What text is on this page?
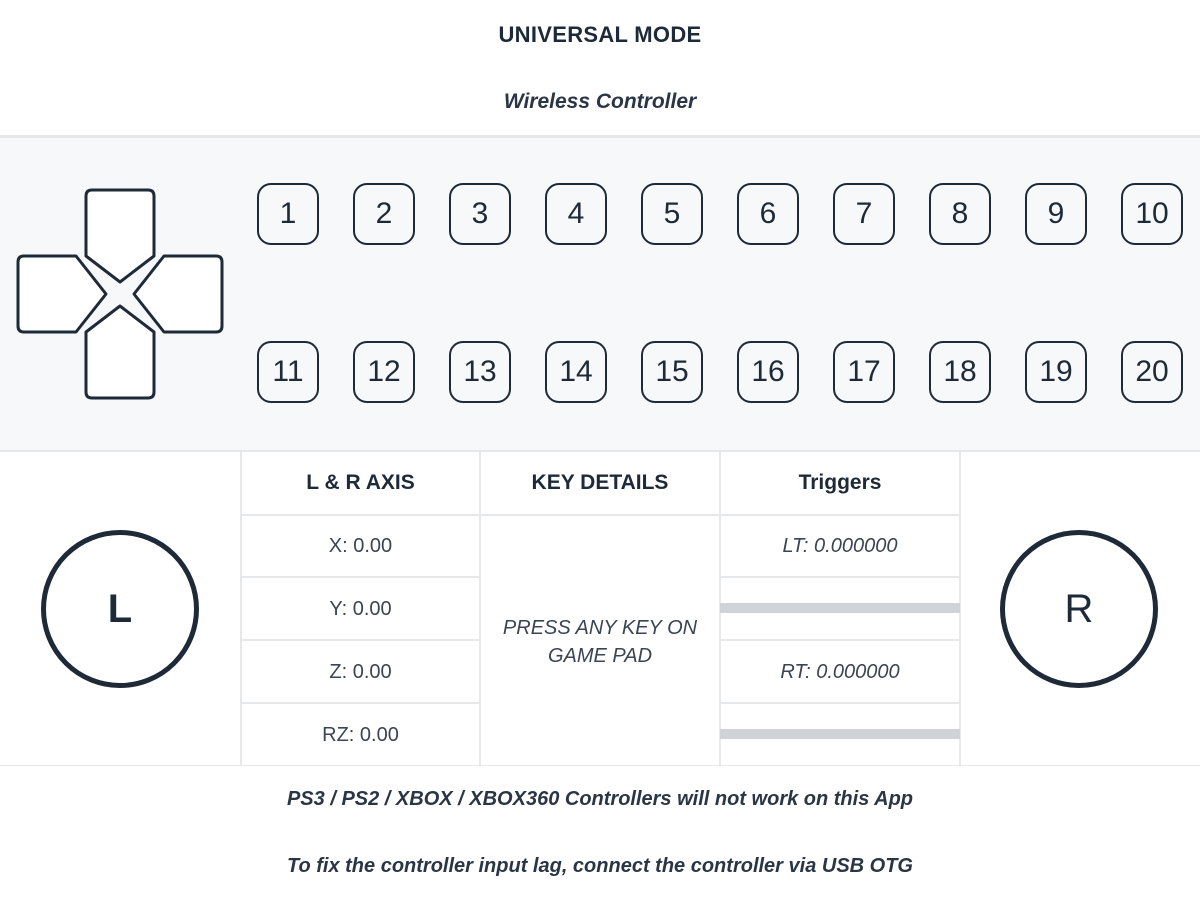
UNIVERSAL MODE
Wireless Controller
1	2	3	4	5	6	7	8	9	10
11	12	13	14	15	16	17	18	19	20
L	R
L & R AXIS
X: 0.00
Y: 0.00
Z: 0.00
RZ: 0.00
KEY DETAILS
PRESS ANY KEY ON GAME PAD
Triggers
LT: 0.000000
RT: 0.000000
PS3 / PS2 / XBOX / XBOX360 Controllers will not work on this App
To fix the controller input lag, connect the controller via USB OTG
